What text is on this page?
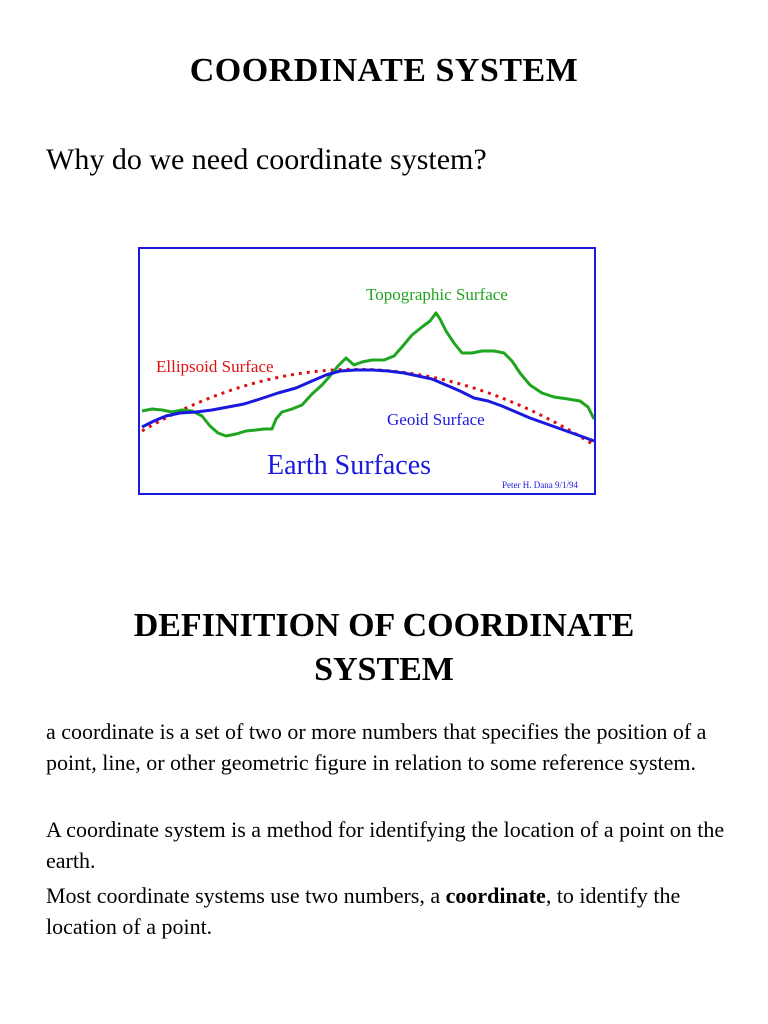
COORDINATE SYSTEM

Why do we need coordinate system?

Topographic Surface
Ellipsoid Surface
Geoid Surface
Earth Surfaces
Peter H. Dana 9/1/94
DEFINITION OF COORDINATE
SYSTEM

a coordinate is a set of two or more numbers that specifies the position of a point, line, or other geometric figure in relation to some reference system.

A coordinate system is a method for identifying the location of a point on the earth.

Most coordinate systems use two numbers, a coordinate, to identify the location of a point.
